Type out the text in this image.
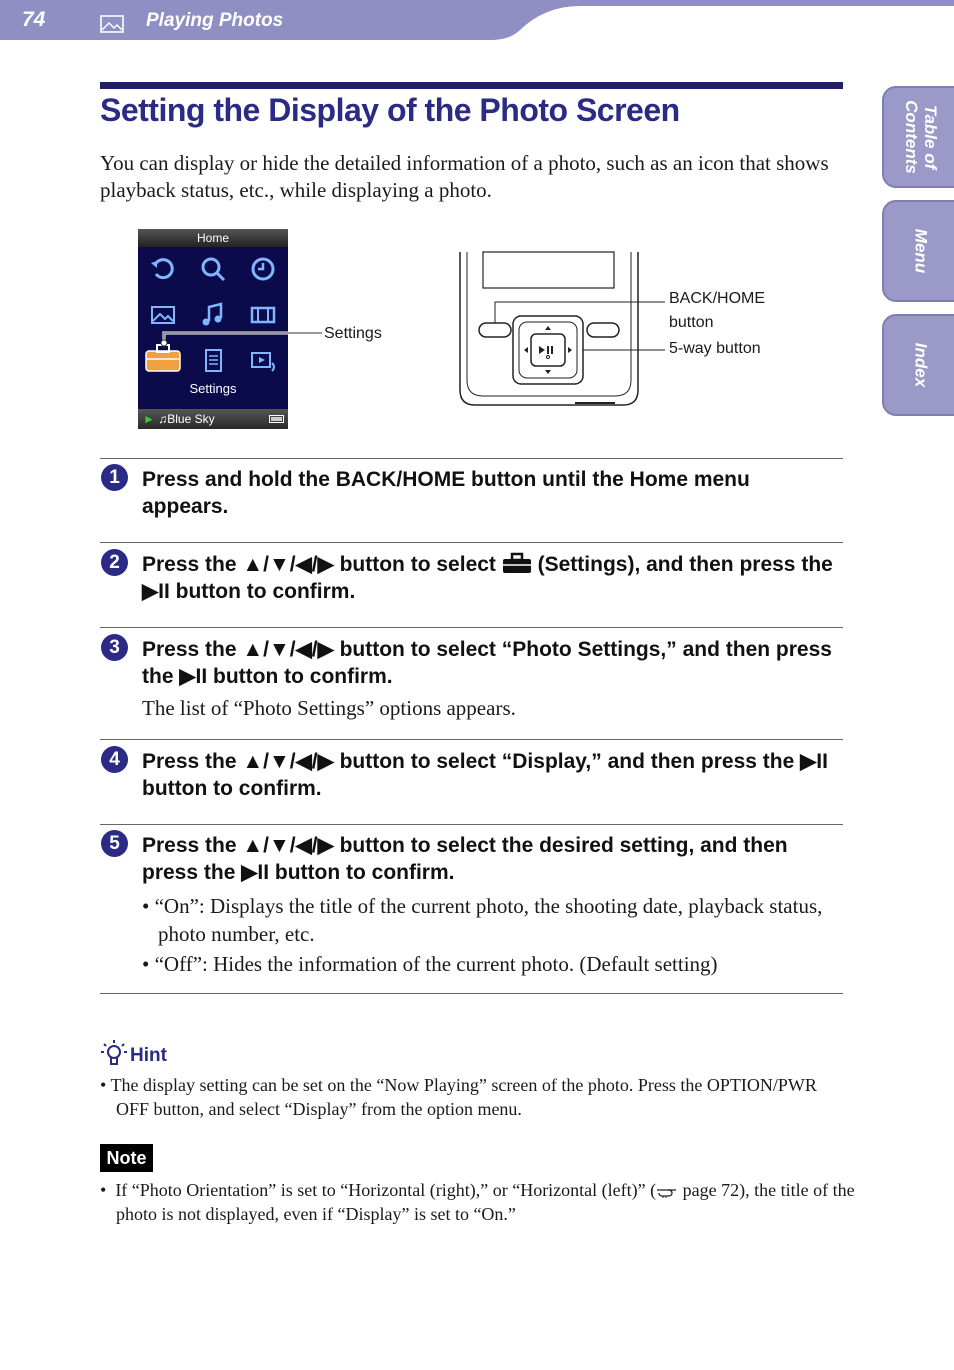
74	Playing Photos
Table of Contents
Menu
Index
Setting the Display of the Photo Screen
You can display or hide the detailed information of a photo, such as an icon that shows playback status, etc., while displaying a photo.
Home
Settings
► ♫Blue Sky
Settings
BACK/HOME
button
5-way button
1	Press and hold the BACK/HOME button until the Home menu appears.
2	Press the ▲/▼/◀/▶ button to select (Settings), and then press the ▶II button to confirm.
3	Press the ▲/▼/◀/▶ button to select “Photo Settings,” and then press the ▶II button to confirm.
The list of “Photo Settings” options appears.
4	Press the ▲/▼/◀/▶ button to select “Display,” and then press the ▶II button to confirm.
5	Press the ▲/▼/◀/▶ button to select the desired setting, and then press the ▶II button to confirm.
• “On”: Displays the title of the current photo, the shooting date, playback status, photo number, etc.
• “Off”: Hides the information of the current photo. (Default setting)
Hint
• The display setting can be set on the “Now Playing” screen of the photo. Press the OPTION/PWR OFF button, and select “Display” from the option menu.
Note
•  If “Photo Orientation” is set to “Horizontal (right),” or “Horizontal (left)” ( page 72), the title of the photo is not displayed, even if “Display” is set to “On.”
